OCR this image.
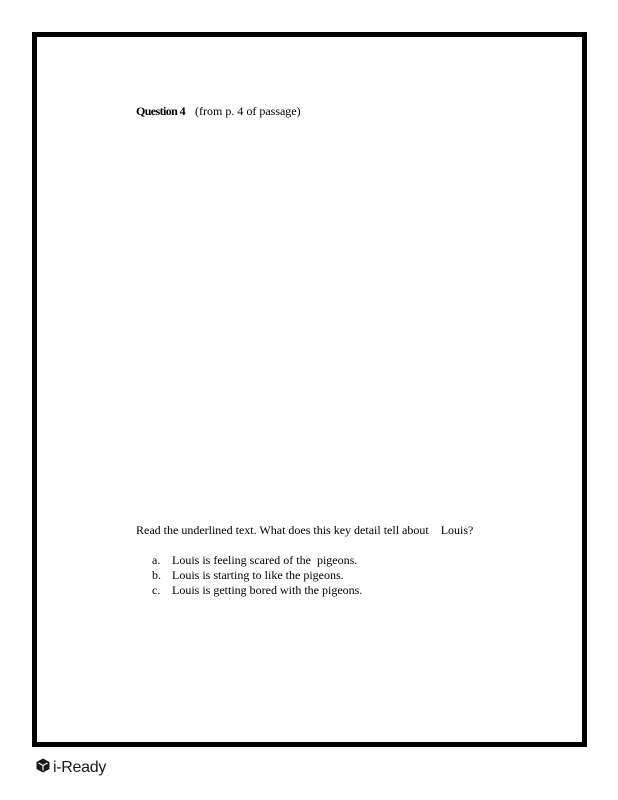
Question 4 (from p. 4 of passage)
Read the underlined text. What does this key detail tell about    Louis?
a. Louis is feeling scared of the  pigeons.
b. Louis is starting to like the pigeons.
c. Louis is getting bored with the pigeons.
i-Ready
